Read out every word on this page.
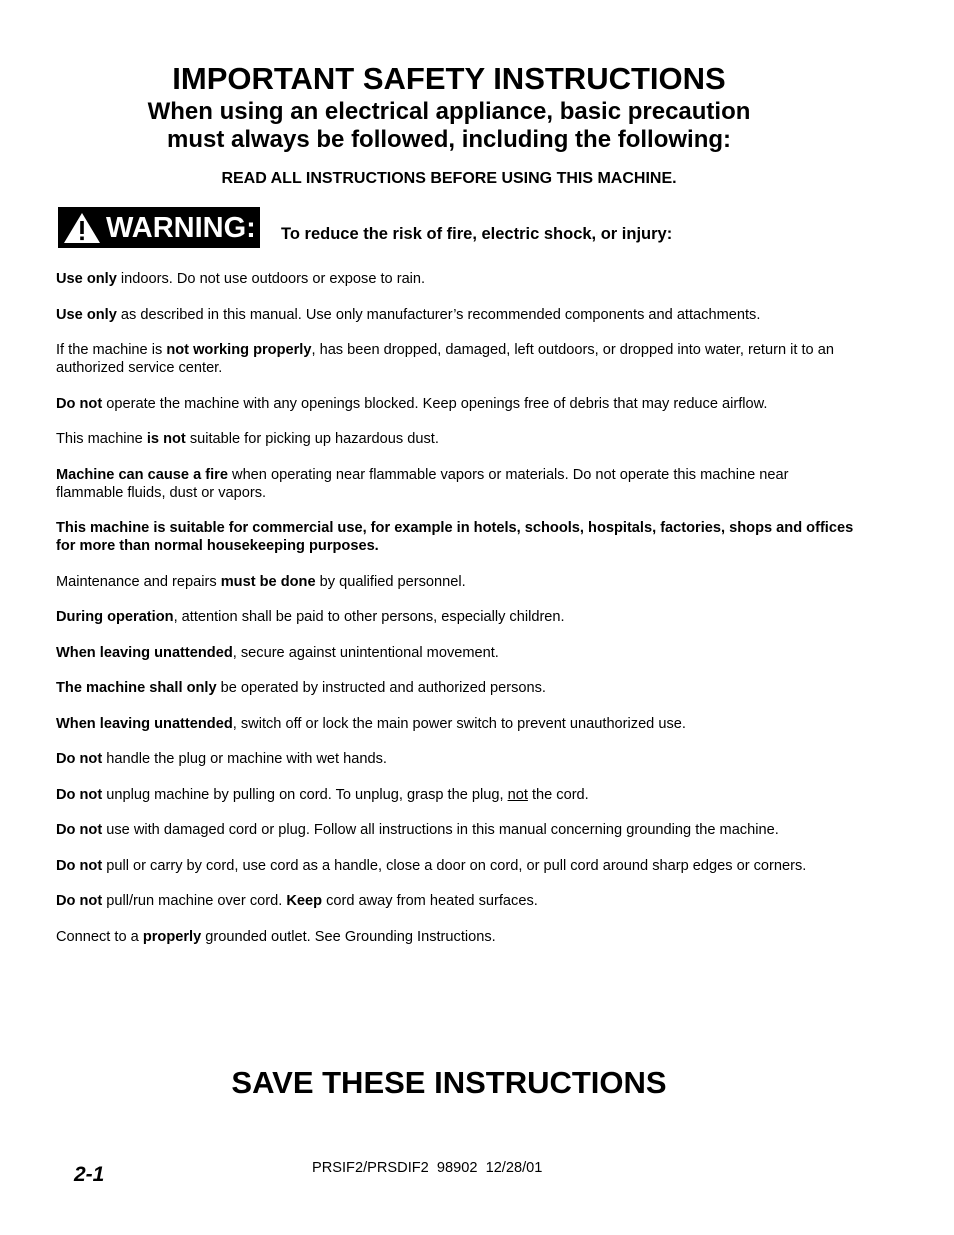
IMPORTANT SAFETY INSTRUCTIONS
When using an electrical appliance, basic precaution
must always be followed, including the following:
READ ALL INSTRUCTIONS BEFORE USING THIS MACHINE.
WARNING: To reduce the risk of fire, electric shock, or injury:

Use only indoors. Do not use outdoors or expose to rain.

Use only as described in this manual. Use only manufacturer’s recommended components and attachments.

If the machine is not working properly, has been dropped, damaged, left outdoors, or dropped into water, return it to an authorized service center.

Do not operate the machine with any openings blocked. Keep openings free of debris that may reduce airflow.

This machine is not suitable for picking up hazardous dust.

Machine can cause a fire when operating near flammable vapors or materials. Do not operate this machine near flammable fluids, dust or vapors.

This machine is suitable for commercial use, for example in hotels, schools, hospitals, factories, shops and offices for more than normal housekeeping purposes.

Maintenance and repairs must be done by qualified personnel.

During operation, attention shall be paid to other persons, especially children.

When leaving unattended, secure against unintentional movement.

The machine shall only be operated by instructed and authorized persons.

When leaving unattended, switch off or lock the main power switch to prevent unauthorized use.

Do not handle the plug or machine with wet hands.

Do not unplug machine by pulling on cord. To unplug, grasp the plug, not the cord.

Do not use with damaged cord or plug. Follow all instructions in this manual concerning grounding the machine.

Do not pull or carry by cord, use cord as a handle, close a door on cord, or pull cord around sharp edges or corners.

Do not pull/run machine over cord. Keep cord away from heated surfaces.

Connect to a properly grounded outlet. See Grounding Instructions.

SAVE THESE INSTRUCTIONS
2-1	PRSIF2/PRSDIF2  98902  12/28/01
